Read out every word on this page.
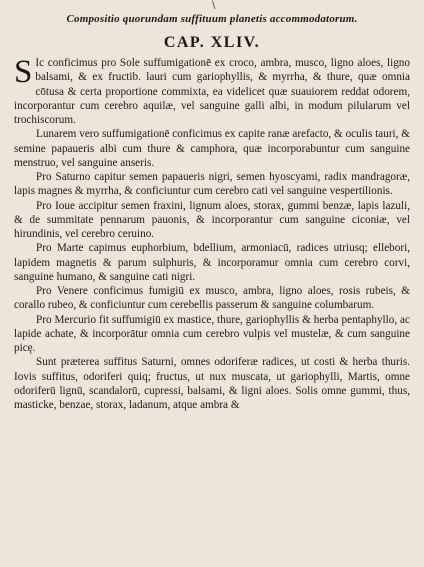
\
Compositio quorundam suffituum planetis accommodatorum.
CAP. XLIV.

S Ic conficimus pro Sole suffumigationē ex croco, ambra, musco, ligno aloes, ligno balsami, & ex fructib. lauri cum gariophyllis, & myrrha, & thure, quæ omnia cōtusa & certa proportione commixta, ea videlicet quæ suauiorem reddat odorem, incorporantur cum cerebro aquilæ, vel sanguine galli albi, in modum pilularum vel trochiscorum.

Lunarem vero suffumigationē conficimus ex capite ranæ arefacto, & oculis tauri, & semine papaueris albi cum thure & camphora, quæ incorporabuntur cum sanguine menstruo, vel sanguine anseris.

Pro Saturno capitur semen papaueris nigri, semen hyoscyami, radix mandragoræ, lapis magnes & myrrha, & conficiuntur cum cerebro cati vel sanguine vespertilionis.

Pro Ioue accipitur semen fraxini, lignum aloes, storax, gummi benzæ, lapis lazuli, & de summitate pennarum pauonis, & incorporantur cum sanguine ciconiæ, vel hirundinis, vel cerebro ceruino.

Pro Marte capimus euphorbium, bdellium, armoniacū, radices utriusq; ellebori, lapidem magnetis & parum sulphuris, & incorporamur omnia cum cerebro corvi, sanguine humano, & sanguine cati nigri.

Pro Venere conficimus fumigiū ex musco, ambra, ligno aloes, rosis rubeis, & corallo rubeo, & conficiuntur cum cerebellis passerum & sanguine columbarum.

Pro Mercurio fit suffumigiū ex mastice, thure, gariophyllis & herba pentaphyllo, ac lapide achate, & incorporātur omnia cum cerebro vulpis vel mustelæ, & cum sanguine picę.

Sunt præterea suffitus Saturni, omnes odoriferæ radices, ut costi & herba thuris. Iovis suffitus, odoriferi quiq; fructus, ut nux muscata, ut gariophylli, Martis, omne odoriferū lignū, scandalorū, cupressi, balsami, & ligni aloes. Solis omne gummi, thus, masticke, benzae, storax, ladanum, atque ambra &
